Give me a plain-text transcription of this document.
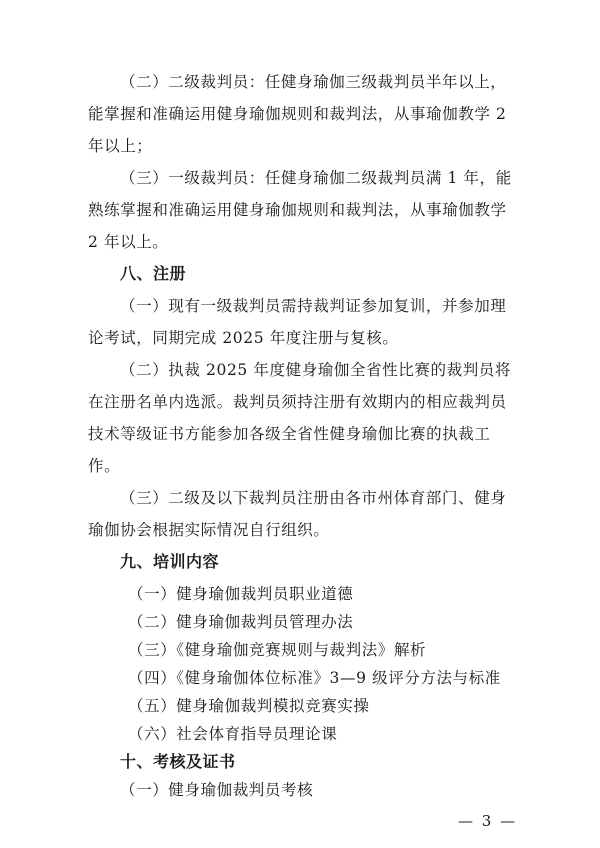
（二）二级裁判员：任健身瑜伽三级裁判员半年以上，
能掌握和准确运用健身瑜伽规则和裁判法，从事瑜伽教学 2
年以上；
（三）一级裁判员：任健身瑜伽二级裁判员满 1 年，能
熟练掌握和准确运用健身瑜伽规则和裁判法，从事瑜伽教学
2 年以上。
八、注册
（一）现有一级裁判员需持裁判证参加复训，并参加理
论考试，同期完成 2025 年度注册与复核。
（二）执裁 2025 年度健身瑜伽全省性比赛的裁判员将
在注册名单内选派。裁判员须持注册有效期内的相应裁判员
技术等级证书方能参加各级全省性健身瑜伽比赛的执裁工
作。
（三）二级及以下裁判员注册由各市州体育部门、健身
瑜伽协会根据实际情况自行组织。
九、培训内容
（一）健身瑜伽裁判员职业道德
（二）健身瑜伽裁判员管理办法
（三）《健身瑜伽竞赛规则与裁判法》解析
（四）《健身瑜伽体位标准》3—9 级评分方法与标准
（五）健身瑜伽裁判模拟竞赛实操
（六）社会体育指导员理论课
十、考核及证书
（一）健身瑜伽裁判员考核
— 3 —
